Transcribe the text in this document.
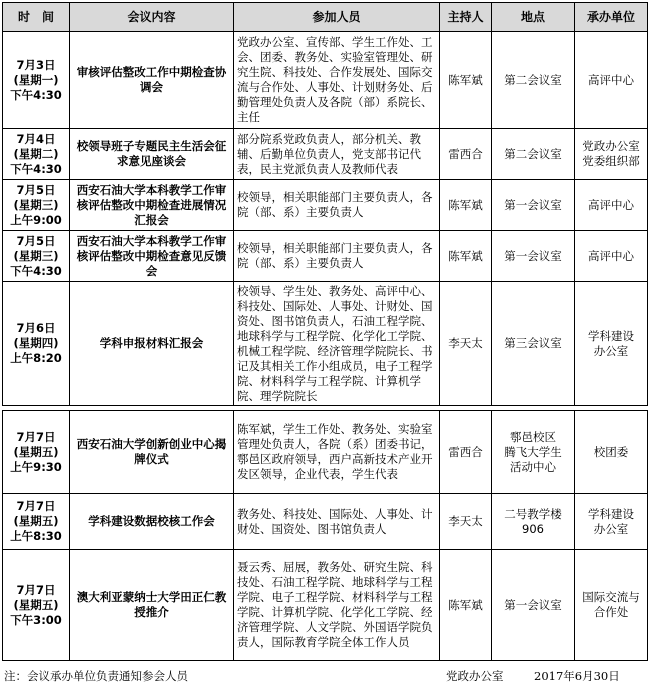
时　间	会议内容	参加人员	主持人	地点	承办单位

7月3日
(星期一)
下午4:30	审核评估整改工作中期检查协调会	党政办公室、宣传部、学生工作处、工会、团委、教务处、实验室管理处、研究生院、科技处、合作发展处、国际交流与合作处、人事处、计划财务处、后勤管理处负责人及各院（部）系院长、主任	陈军斌	第二会议室	高评中心

7月4日
(星期二)
下午4:30	校领导班子专题民主生活会征求意见座谈会	部分院系党政负责人，部分机关、教辅、后勤单位负责人，党支部书记代表，民主党派负责人及教师代表	雷西合	第二会议室	党政办公室
党委组织部

7月5日
(星期三)
上午9:00	西安石油大学本科教学工作审核评估整改中期检查进展情况汇报会	校领导，相关职能部门主要负责人，各院（部、系）主要负责人	陈军斌	第一会议室	高评中心

7月5日
(星期三)
下午4:30	西安石油大学本科教学工作审核评估整改中期检查意见反馈会	校领导，相关职能部门主要负责人，各院（部、系）主要负责人	陈军斌	第一会议室	高评中心

7月6日
(星期四)
上午8:20	学科申报材料汇报会	校领导、学生处、教务处、高评中心、科技处、国际处、人事处、计财处、国资处、图书馆负责人，石油工程学院、地球科学与工程学院、化学化工学院、机械工程学院、经济管理学院院长、书记及其相关工作小组成员，电子工程学院、材料科学与工程学院、计算机学院、理学院院长	李天太	第三会议室	学科建设
办公室
7月7日
(星期五)
上午9:30	西安石油大学创新创业中心揭牌仪式	陈军斌，学生工作处、教务处、实验室管理处负责人，各院（系）团委书记，鄠邑区政府领导，西户高新技术产业开发区领导，企业代表，学生代表	雷西合	鄠邑校区
腾飞大学生
活动中心	校团委

7月7日
(星期五)
上午8:30	学科建设数据校核工作会	教务处、科技处、国际处、人事处、计财处、国资处、图书馆负责人	李天太	二号教学楼
906	学科建设
办公室

7月7日
(星期五)
下午3:00	澳大利亚蒙纳士大学田正仁教授推介	聂云秀、屈展，教务处、研究生院、科技处、石油工程学院、地球科学与工程学院、电子工程学院、材料科学与工程学院、计算机学院、化学化工学院、经济管理学院、人文学院、外国语学院负责人，国际教育学院全体工作人员	陈军斌	第一会议室	国际交流与
合作处
注：会议承办单位负责通知参会人员	党政办公室	2017年6月30日
